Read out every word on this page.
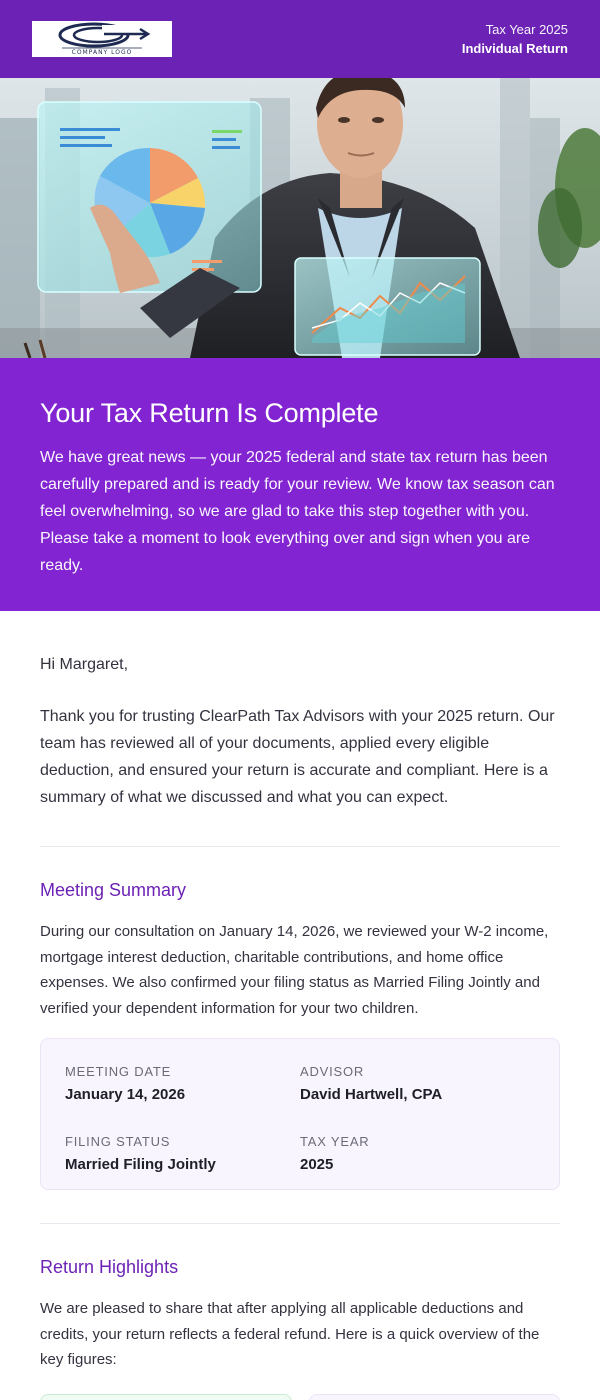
COMPANY LOGO
Tax Year 2025
Individual Return
Your Tax Return Is Complete

We have great news — your 2025 federal and state tax return has been carefully prepared and is ready for your review. We know tax season can feel overwhelming, so we are glad to take this step together with you. Please take a moment to look everything over and sign when you are ready.

Hi Margaret,

Thank you for trusting ClearPath Tax Advisors with your 2025 return. Our team has reviewed all of your documents, applied every eligible deduction, and ensured your return is accurate and compliant. Here is a summary of what we discussed and what you can expect.

Meeting Summary

During our consultation on January 14, 2026, we reviewed your W-2 income, mortgage interest deduction, charitable contributions, and home office expenses. We also confirmed your filing status as Married Filing Jointly and verified your dependent information for your two children.

MEETING DATE
January 14, 2026
ADVISOR
David Hartwell, CPA
FILING STATUS
Married Filing Jointly
TAX YEAR
2025
Return Highlights

We are pleased to share that after applying all applicable deductions and credits, your return reflects a federal refund. Here is a quick overview of the key figures:
